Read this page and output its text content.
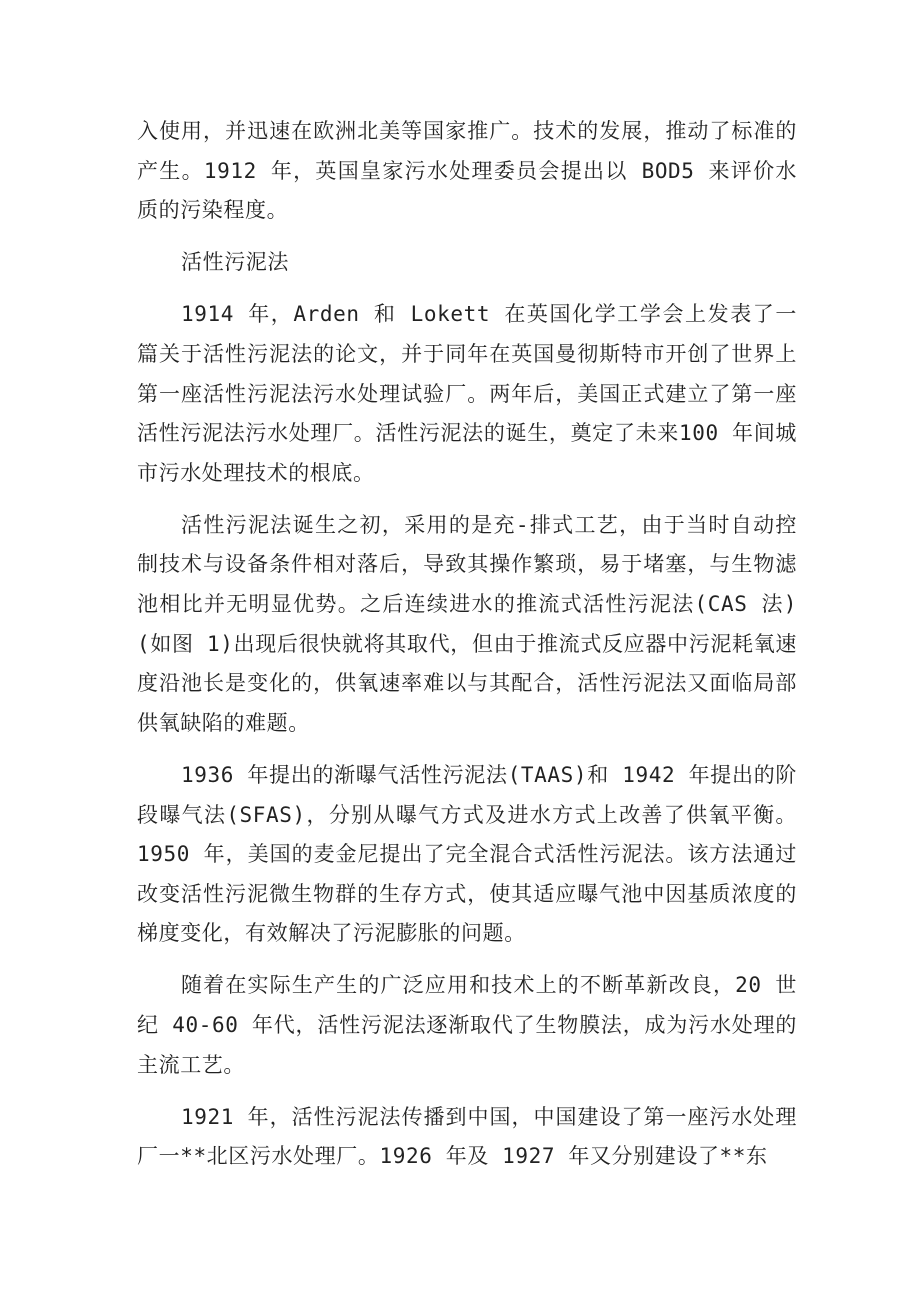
入使用，并迅速在欧洲北美等国家推广。技术的发展，推动了标准的产生。1912 年，英国皇家污水处理委员会提出以 BOD5 来评价水质的污染程度。

活性污泥法

1914 年，Arden 和 Lokett 在英国化学工学会上发表了一篇关于活性污泥法的论文，并于同年在英国曼彻斯特市开创了世界上第一座活性污泥法污水处理试验厂。两年后，美国正式建立了第一座活性污泥法污水处理厂。活性污泥法的诞生，奠定了未来100 年间城市污水处理技术的根底。

活性污泥法诞生之初，采用的是充-排式工艺，由于当时自动控制技术与设备条件相对落后，导致其操作繁琐，易于堵塞，与生物滤池相比并无明显优势。之后连续进水的推流式活性污泥法(CAS 法)(如图 1)出现后很快就将其取代，但由于推流式反应器中污泥耗氧速度沿池长是变化的，供氧速率难以与其配合，活性污泥法又面临局部供氧缺陷的难题。

1936 年提出的渐曝气活性污泥法(TAAS)和 1942 年提出的阶段曝气法(SFAS)，分别从曝气方式及进水方式上改善了供氧平衡。1950 年，美国的麦金尼提出了完全混合式活性污泥法。该方法通过改变活性污泥微生物群的生存方式，使其适应曝气池中因基质浓度的梯度变化，有效解决了污泥膨胀的问题。

随着在实际生产生的广泛应用和技术上的不断革新改良，20 世纪 40-60 年代，活性污泥法逐渐取代了生物膜法，成为污水处理的主流工艺。

1921 年，活性污泥法传播到中国，中国建设了第一座污水处理厂一**北区污水处理厂。1926 年及 1927 年又分别建设了**东
